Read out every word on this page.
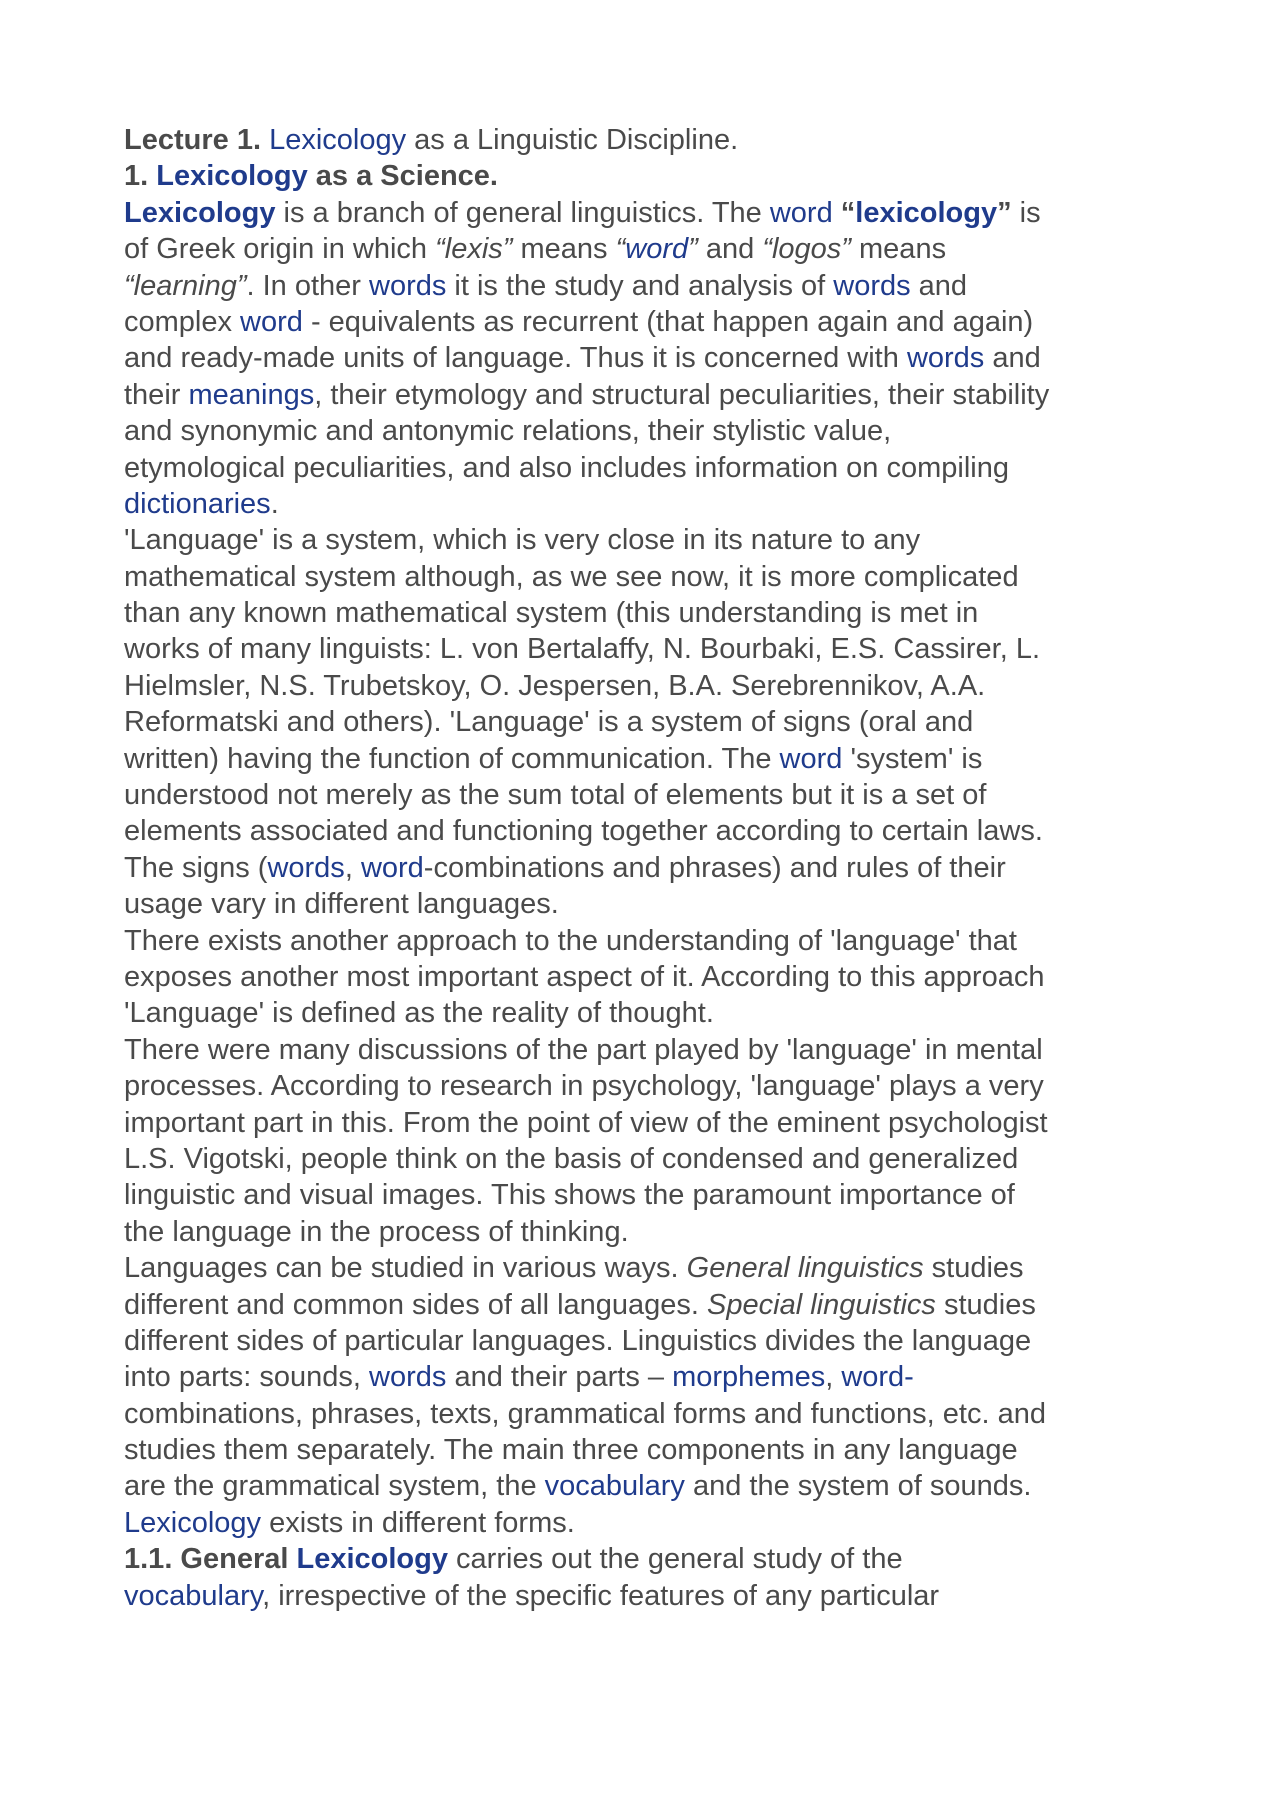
Lecture 1. Lexicology as a Linguistic Discipline.
1. Lexicology as a Science.
Lexicology is a branch of general linguistics. The word “lexicology” is
of Greek origin in which “lexis” means “word” and “logos” means
“learning”. In other words it is the study and analysis of words and
complex word - equivalents as recurrent (that happen again and again)
and ready-made units of language. Thus it is concerned with words and
their meanings, their etymology and structural peculiarities, their stability
and synonymic and antonymic relations, their stylistic value,
etymological peculiarities, and also includes information on compiling
dictionaries.
'Language' is a system, which is very close in its nature to any
mathematical system although, as we see now, it is more complicated
than any known mathematical system (this understanding is met in
works of many linguists: L. von Bertalaffy, N. Bourbaki, E.S. Cassirer, L.
Hielmsler, N.S. Trubetskoy, O. Jespersen, B.A. Serebrennikov, A.A.
Reformatski and others). 'Language' is a system of signs (oral and
written) having the function of communication. The word 'system' is
understood not merely as the sum total of elements but it is a set of
elements associated and functioning together according to certain laws.
The signs (words, word-combinations and phrases) and rules of their
usage vary in different languages.
There exists another approach to the understanding of 'language' that
exposes another most important aspect of it. According to this approach
'Language' is defined as the reality of thought.
There were many discussions of the part played by 'language' in mental
processes. According to research in psychology, 'language' plays a very
important part in this. From the point of view of the eminent psychologist
L.S. Vigotski, people think on the basis of condensed and generalized
linguistic and visual images. This shows the paramount importance of
the language in the process of thinking.
Languages can be studied in various ways. General linguistics studies
different and common sides of all languages. Special linguistics studies
different sides of particular languages. Linguistics divides the language
into parts: sounds, words and their parts – morphemes, word-
combinations, phrases, texts, grammatical forms and functions, etc. and
studies them separately. The main three components in any language
are the grammatical system, the vocabulary and the system of sounds.
Lexicology exists in different forms.
1.1. General Lexicology carries out the general study of the
vocabulary, irrespective of the specific features of any particular
